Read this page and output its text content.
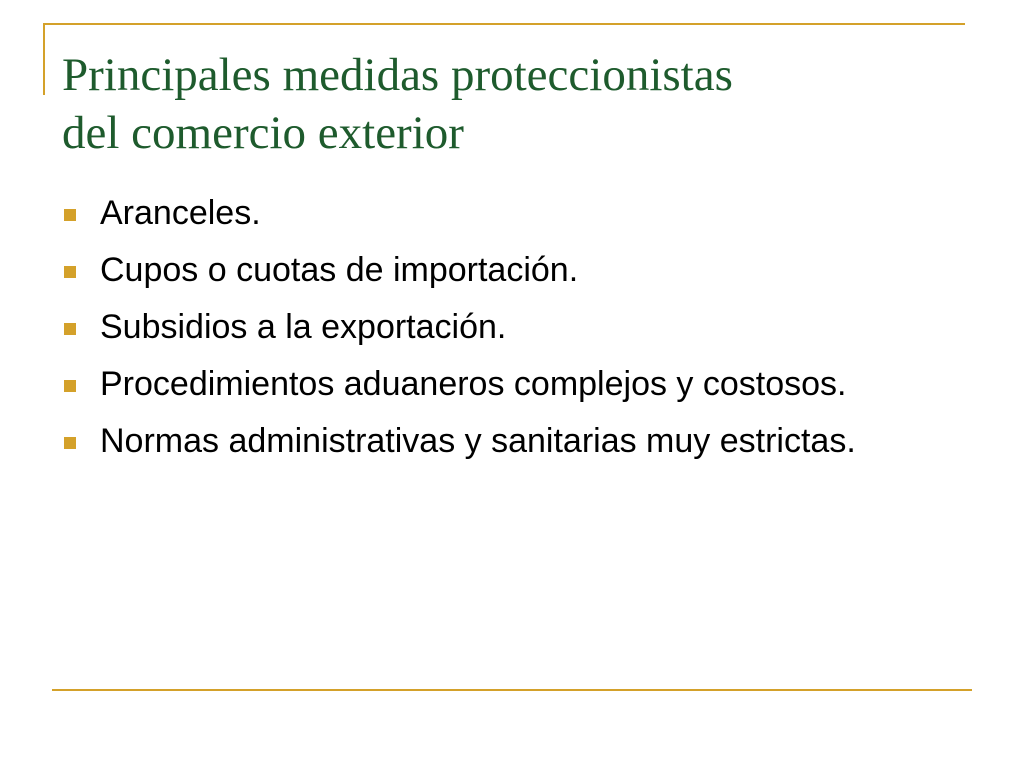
Principales medidas proteccionistas
del comercio exterior
Aranceles.
Cupos o cuotas de importación.
Subsidios a la exportación.
Procedimientos aduaneros complejos y costosos.
Normas administrativas y sanitarias muy estrictas.
